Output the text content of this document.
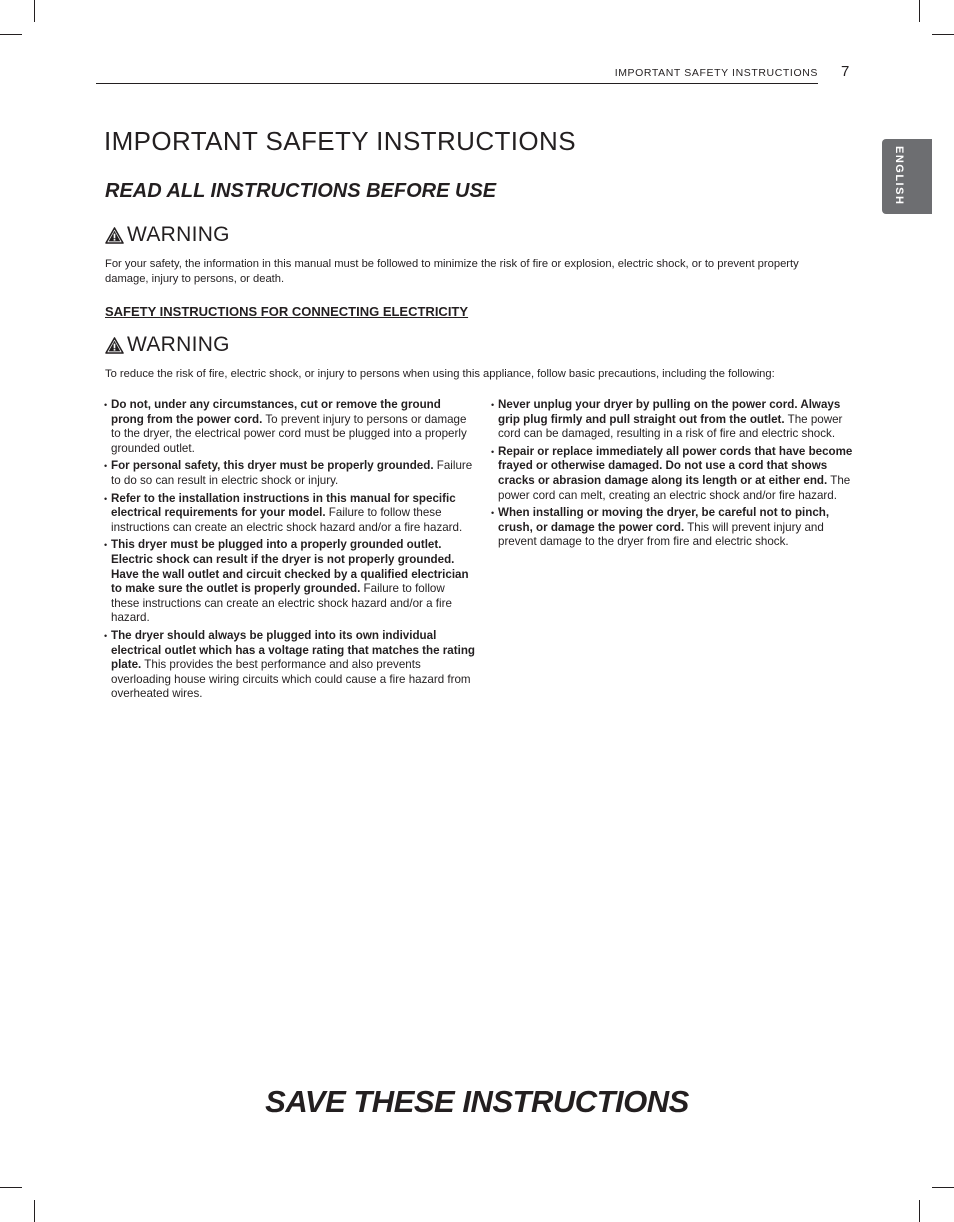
IMPORTANT SAFETY INSTRUCTIONS 7
ENGLISH
IMPORTANT SAFETY INSTRUCTIONS
READ ALL INSTRUCTIONS BEFORE USE
WARNING

For your safety, the information in this manual must be followed to minimize the risk of fire or explosion, electric shock, or to prevent property damage, injury to persons, or death.

SAFETY INSTRUCTIONS FOR CONNECTING ELECTRICITY
WARNING

To reduce the risk of fire, electric shock, or injury to persons when using this appliance, follow basic precautions, including the following:

• Do not, under any circumstances, cut or remove the ground prong from the power cord. To prevent injury to persons or damage to the dryer, the electrical power cord must be plugged into a properly grounded outlet.
• For personal safety, this dryer must be properly grounded. Failure to do so can result in electric shock or injury.
• Refer to the installation instructions in this manual for specific electrical requirements for your model. Failure to follow these instructions can create an electric shock hazard and/or a fire hazard.
• This dryer must be plugged into a properly grounded outlet. Electric shock can result if the dryer is not properly grounded. Have the wall outlet and circuit checked by a qualified electrician to make sure the outlet is properly grounded. Failure to follow these instructions can create an electric shock hazard and/or a fire hazard.
• The dryer should always be plugged into its own individual electrical outlet which has a voltage rating that matches the rating plate. This provides the best performance and also prevents overloading house wiring circuits which could cause a fire hazard from overheated wires.
• Never unplug your dryer by pulling on the power cord. Always grip plug firmly and pull straight out from the outlet. The power cord can be damaged, resulting in a risk of fire and electric shock.
• Repair or replace immediately all power cords that have become frayed or otherwise damaged. Do not use a cord that shows cracks or abrasion damage along its length or at either end. The power cord can melt, creating an electric shock and/or fire hazard.
• When installing or moving the dryer, be careful not to pinch, crush, or damage the power cord. This will prevent injury and prevent damage to the dryer from fire and electric shock.
SAVE THESE INSTRUCTIONS
